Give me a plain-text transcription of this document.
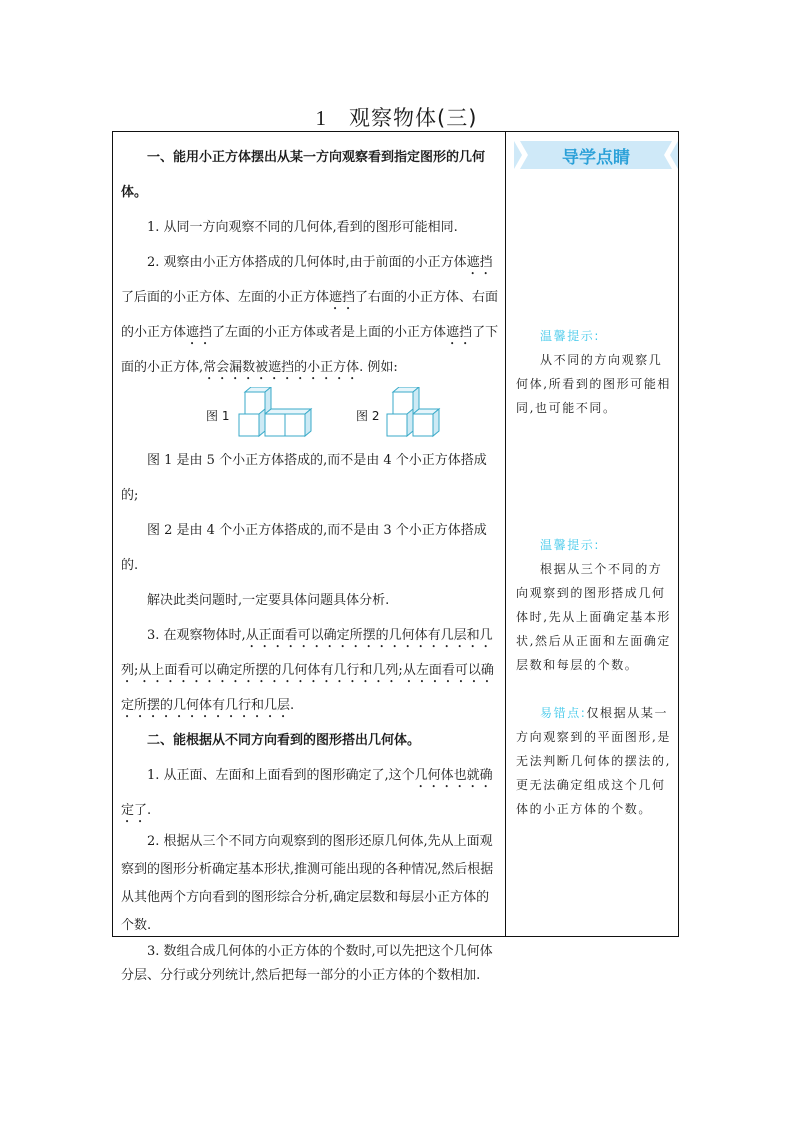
1 观察物体(三)

一、能用小正方体摆出从某一方向观察看到指定图形的几何体。

1. 从同一方向观察不同的几何体,看到的图形可能相同.

2. 观察由小正方体搭成的几何体时,由于前面的小正方体遮挡了后面的小正方体、左面的小正方体遮挡了右面的小正方体、右面的小正方体遮挡了左面的小正方体或者是上面的小正方体遮挡了下面的小正方体,常会漏数被遮挡的小正方体. 例如:

图 1	图 2

图 1 是由 5 个小正方体搭成的,而不是由 4 个小正方体搭成的;

图 2 是由 4 个小正方体搭成的,而不是由 3 个小正方体搭成的.

解决此类问题时,一定要具体问题具体分析.

3. 在观察物体时,从正面看可以确定所摆的几何体有几层和几列;从上面看可以确定所摆的几何体有几行和几列;从左面看可以确定所摆的几何体有几行和几层.

二、能根据从不同方向看到的图形搭出几何体。

1. 从正面、左面和上面看到的图形确定了,这个几何体也就确定了.

2. 根据从三个不同方向观察到的图形还原几何体,先从上面观察到的图形分析确定基本形状,推测可能出现的各种情况,然后根据从其他两个方向看到的图形综合分析,确定层数和每层小正方体的个数.

3. 数组合成几何体的小正方体的个数时,可以先把这个几何体分层、分行或分列统计,然后把每一部分的小正方体的个数相加.

导学点睛
温馨提示:

从不同的方向观察几何体,所看到的图形可能相同,也可能不同。

温馨提示:

根据从三个不同的方向观察到的图形搭成几何体时,先从上面确定基本形状,然后从正面和左面确定层数和每层的个数。

易错点:仅根据从某一方向观察到的平面图形,是无法判断几何体的摆法的,更无法确定组成这个几何体的小正方体的个数。
